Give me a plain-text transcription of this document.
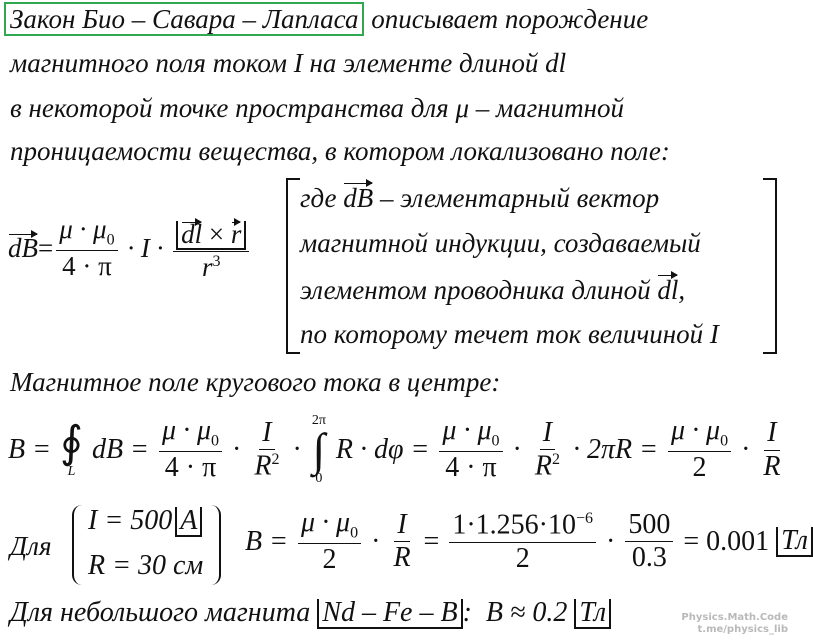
Закон Био – Савара – Лапласа описывает порождение
магнитного поля током I на элементе длиной dl
в некоторой точке пространства для μ – магнитной
проницаемости вещества, в котором локализовано поле:
dB = $\frac{\mu \cdot \mu_0}{4 \cdot \pi} \cdot I \cdot \frac{dl \times r}{r^3}$
где dB – элементарный вектор
магнитной индукции, создаваемый
элементом проводника длиной dl,
по которому течет ток величиной I
Магнитное поле кругового тока в центре:
B = ∮
L
dB = $\frac{\mu \cdot \mu_0}{4 \cdot \pi} \cdot \frac{I}{R^2}$ ·
2π
∫
0
$R \cdot d\varphi = \frac{\mu \cdot \mu_0}{4 \cdot \pi} \cdot \frac{I}{R^2} \cdot 2\pi R = \frac{\mu \cdot \mu_0}{2} \cdot \frac{I}{R}$
Для
I = 500 A
R = 30 см
$B = \frac{\mu \cdot \mu_0}{2} \cdot \frac{I}{R} = \frac{1\cdot 1.256\cdot 10^{-6}}{2} \cdot \frac{500}{0.3} = 0.001$ Тл
Для небольшого магнита Nd – Fe – B :  B ≈ 0.2 Тл	Physics.Math.Code
t.me/physics_lib
